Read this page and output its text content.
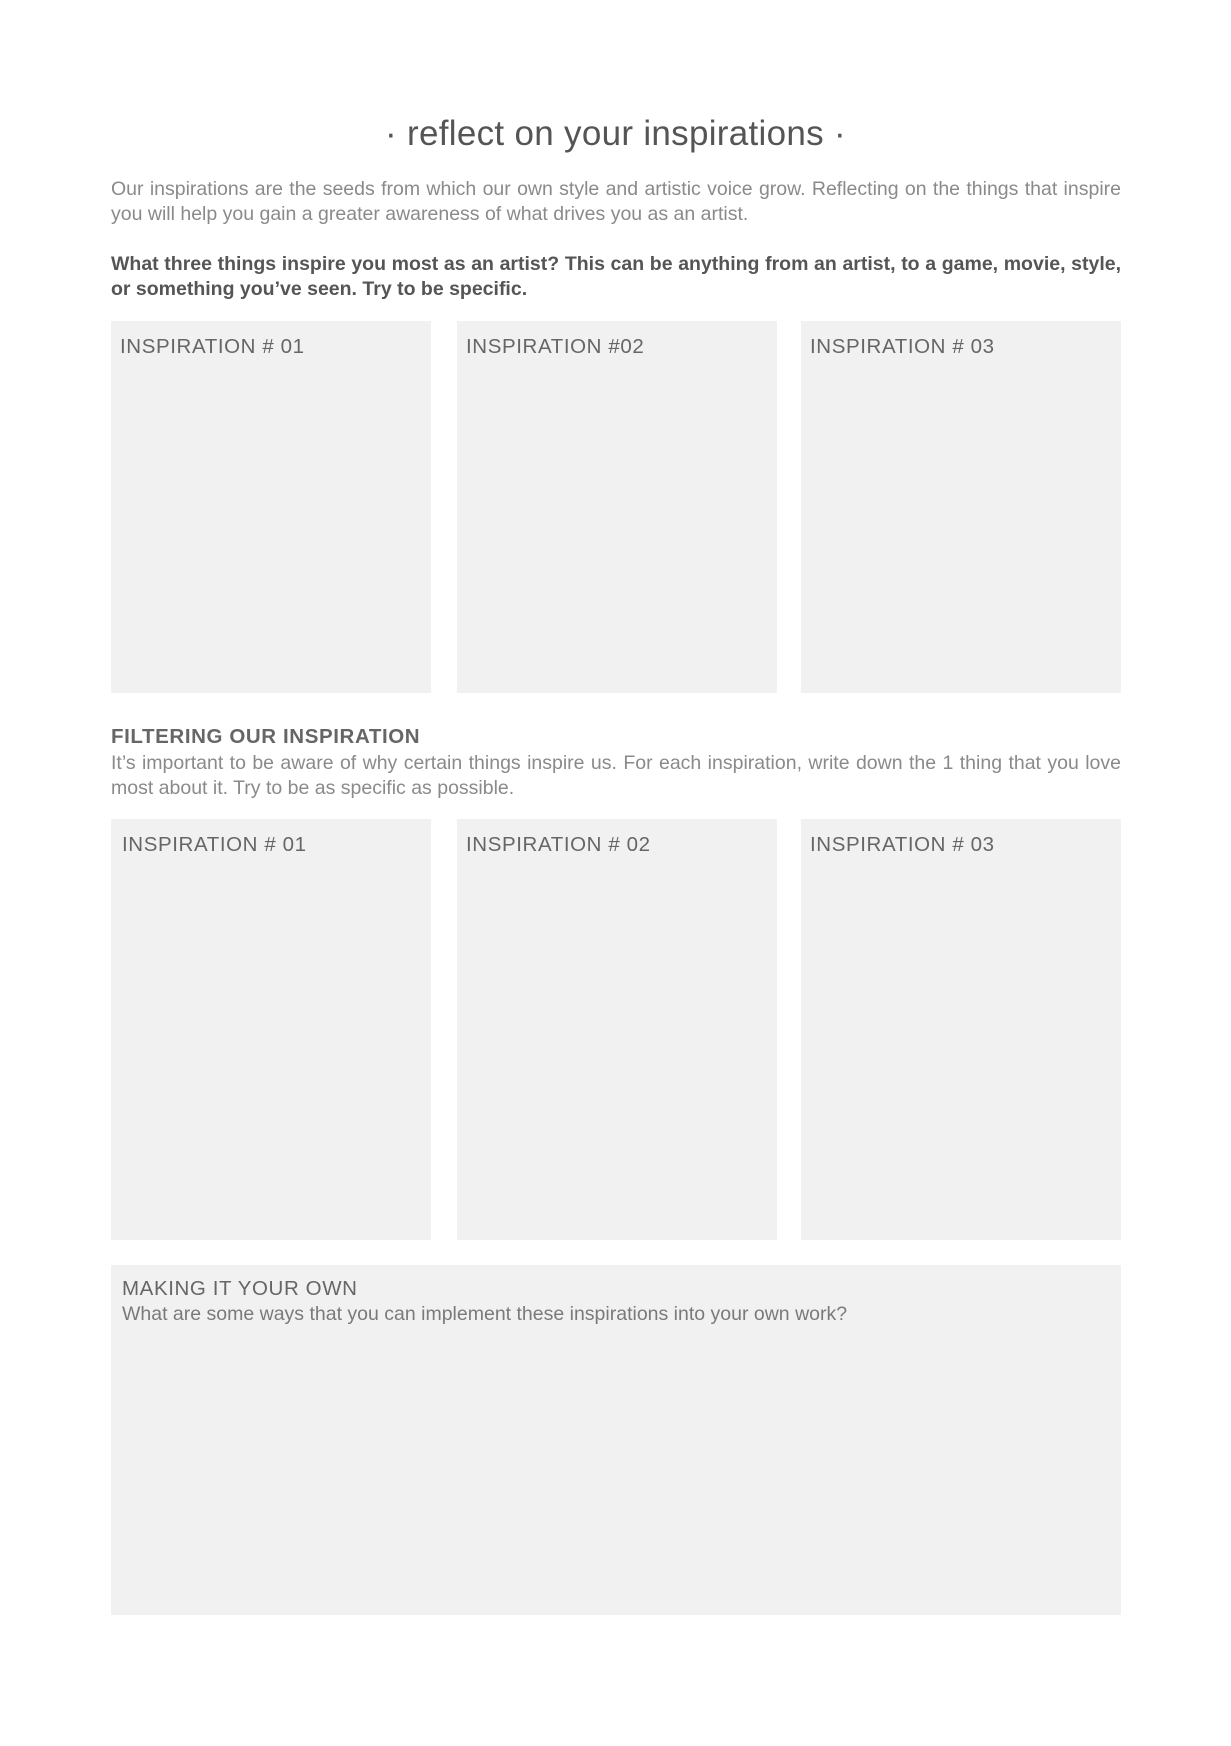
· reflect on your inspirations ·

Our inspirations are the seeds from which our own style and artistic voice grow. Reflecting on the things that inspire you will help you gain a greater awareness of what drives you as an artist.

What three things inspire you most as an artist? This can be anything from an artist, to a game, movie, style, or something you’ve seen. Try to be specific.

INSPIRATION # 01	INSPIRATION #02	INSPIRATION # 03
FILTERING OUR INSPIRATION

It’s important to be aware of why certain things inspire us. For each inspiration, write down the 1 thing that you love most about it. Try to be as specific as possible.

INSPIRATION # 01	INSPIRATION # 02	INSPIRATION # 03
MAKING IT YOUR OWN
What are some ways that you can implement these inspirations into your own work?
